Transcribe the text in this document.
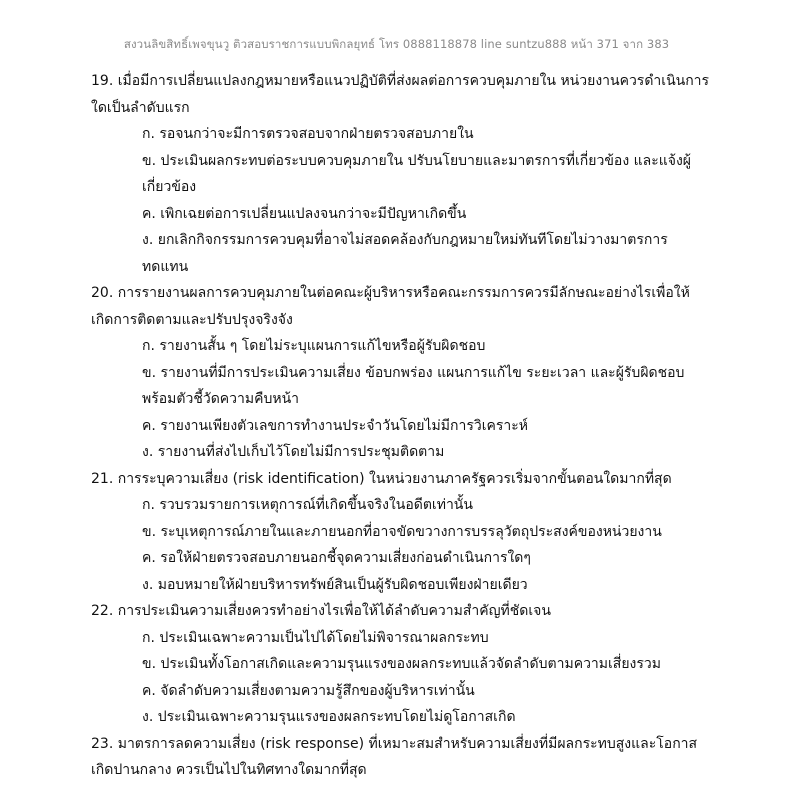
สงวนลิขสิทธิ์เพจขุนวู ติวสอบราชการแบบพิกลยุทธ์ โทร 0888118878 line suntzu888 หน้า 371 จาก 383

19. เมื่อมีการเปลี่ยนแปลงกฎหมายหรือแนวปฏิบัติที่ส่งผลต่อการควบคุมภายใน หน่วยงานควรดำเนินการใดเป็นลำดับแรก

ก. รอจนกว่าจะมีการตรวจสอบจากฝ่ายตรวจสอบภายใน

ข. ประเมินผลกระทบต่อระบบควบคุมภายใน ปรับนโยบายและมาตรการที่เกี่ยวข้อง และแจ้งผู้เกี่ยวข้อง

ค. เพิกเฉยต่อการเปลี่ยนแปลงจนกว่าจะมีปัญหาเกิดขึ้น

ง. ยกเลิกกิจกรรมการควบคุมที่อาจไม่สอดคล้องกับกฎหมายใหม่ทันทีโดยไม่วางมาตรการทดแทน

20. การรายงานผลการควบคุมภายในต่อคณะผู้บริหารหรือคณะกรรมการควรมีลักษณะอย่างไรเพื่อให้เกิดการติดตามและปรับปรุงจริงจัง

ก. รายงานสั้น ๆ โดยไม่ระบุแผนการแก้ไขหรือผู้รับผิดชอบ

ข. รายงานที่มีการประเมินความเสี่ยง ข้อบกพร่อง แผนการแก้ไข ระยะเวลา และผู้รับผิดชอบ พร้อมตัวชี้วัดความคืบหน้า

ค. รายงานเพียงตัวเลขการทำงานประจำวันโดยไม่มีการวิเคราะห์

ง. รายงานที่ส่งไปเก็บไว้โดยไม่มีการประชุมติดตาม

21. การระบุความเสี่ยง (risk identification) ในหน่วยงานภาครัฐควรเริ่มจากขั้นตอนใดมากที่สุด

ก. รวบรวมรายการเหตุการณ์ที่เกิดขึ้นจริงในอดีตเท่านั้น

ข. ระบุเหตุการณ์ภายในและภายนอกที่อาจขัดขวางการบรรลุวัตถุประสงค์ของหน่วยงาน

ค. รอให้ฝ่ายตรวจสอบภายนอกชี้จุดความเสี่ยงก่อนดำเนินการใดๆ

ง. มอบหมายให้ฝ่ายบริหารทรัพย์สินเป็นผู้รับผิดชอบเพียงฝ่ายเดียว

22. การประเมินความเสี่ยงควรทำอย่างไรเพื่อให้ได้ลำดับความสำคัญที่ชัดเจน

ก. ประเมินเฉพาะความเป็นไปได้โดยไม่พิจารณาผลกระทบ

ข. ประเมินทั้งโอกาสเกิดและความรุนแรงของผลกระทบแล้วจัดลำดับตามความเสี่ยงรวม

ค. จัดลำดับความเสี่ยงตามความรู้สึกของผู้บริหารเท่านั้น

ง. ประเมินเฉพาะความรุนแรงของผลกระทบโดยไม่ดูโอกาสเกิด

23. มาตรการลดความเสี่ยง (risk response) ที่เหมาะสมสำหรับความเสี่ยงที่มีผลกระทบสูงและโอกาสเกิดปานกลาง ควรเป็นไปในทิศทางใดมากที่สุด
